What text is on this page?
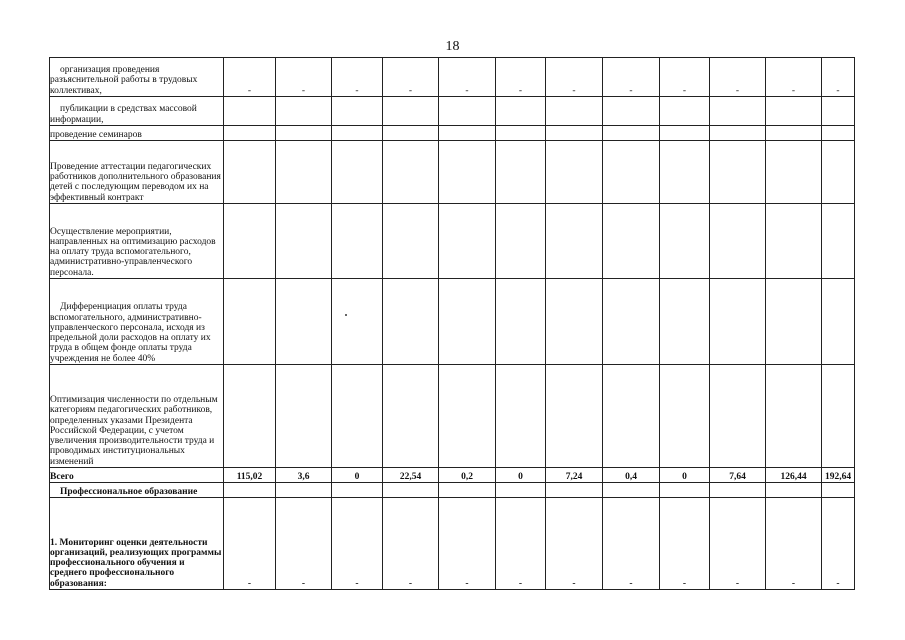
18
организация проведения разъяснительной работы в трудовых коллективах,	-	-	-	-	-	-	-	-	-	-	-	-
публикации в средствах массовой информации,												
проведение семинаров												
Проведение аттестации педагогических работников дополнительного образования детей с последующим переводом их на эффективный контракт												
Осуществление мероприятии, направленных на оптимизацию расходов на оплату труда вспомогательного, административно-управленческого персонала.												
Дифференциация оплаты труда вспомогательного, административно-управленческого персонала, исходя из предельной доли расходов на оплату их труда в общем фонде оплаты труда учреждения не более 40%												
Оптимизация численности по отдельным категориям педагогических работников, определенных указами Президента Российской Федерации, с учетом увеличения производительности труда и проводимых институциональных изменений												
Всего	115,02	3,6	0	22,54	0,2	0	7,24	0,4	0	7,64	126,44	192,64
Профессиональное образование												
1. Мониторинг оценки деятельности организаций, реализующих программы профессионального обучения и среднего профессионального образования:	-	-	-	-	-	-	-	-	-	-	-	-
